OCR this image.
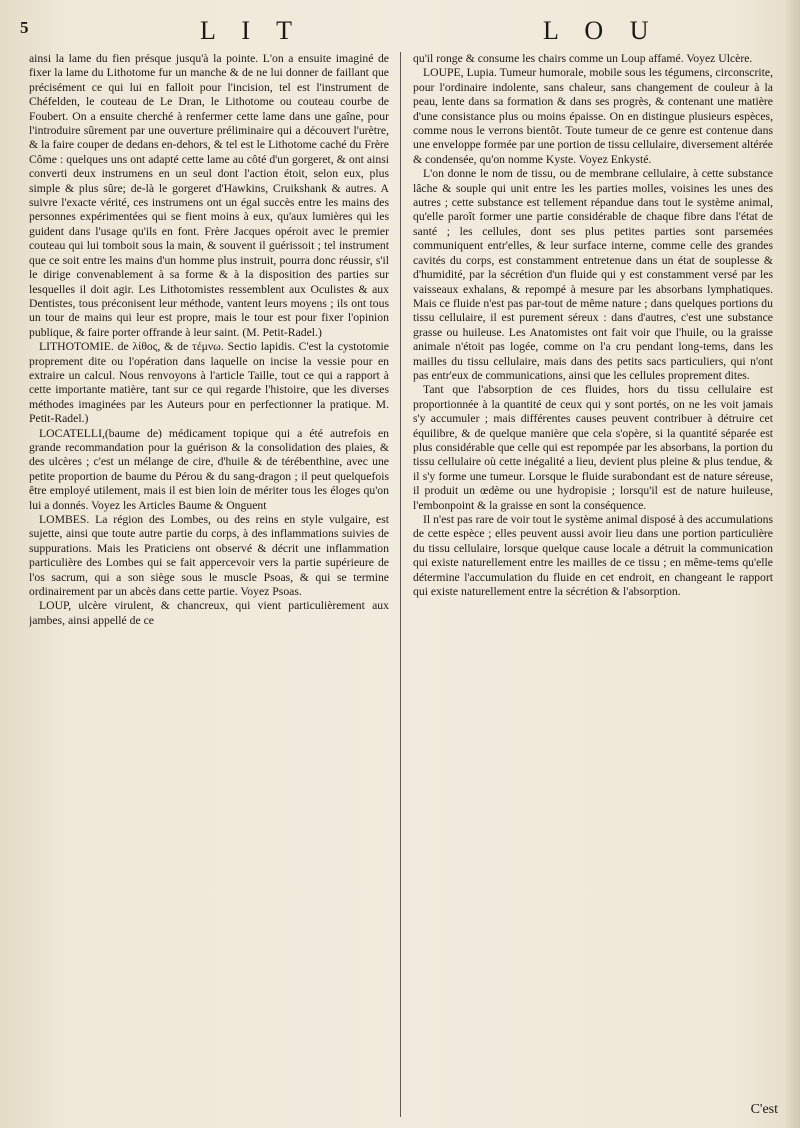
5	L I T	L O U

ainsi la lame du fien présque jusqu'à la pointe. L'on a ensuite imaginé de fixer la lame du Lithotome fur un manche & de ne lui donner de faillant que précisément ce qui lui en falloit pour l'incision, tel est l'instrument de Chéfelden, le couteau de Le Dran, le Lithotome ou couteau courbe de Foubert. On a ensuite cherché à renfermer cette lame dans une gaîne, pour l'introduire sûrement par une ouverture préliminaire qui a découvert l'urètre, & la faire couper de dedans en-dehors, & tel est le Lithotome caché du Frère Côme : quelques uns ont adapté cette lame au côté d'un gorgeret, & ont ainsi converti deux instrumens en un seul dont l'action étoit, selon eux, plus simple & plus sûre; de-là le gorgeret d'Hawkins, Cruikshank & autres. A suivre l'exacte vérité, ces instrumens ont un égal succès entre les mains des personnes expérimentées qui se fient moins à eux, qu'aux lumières qui les guident dans l'usage qu'ils en font. Frère Jacques opéroit avec le premier couteau qui lui tomboit sous la main, & souvent il guérissoit ; tel instrument que ce soit entre les mains d'un homme plus instruit, pourra donc réussir, s'il le dirige convenablement à sa forme & à la disposition des parties sur lesquelles il doit agir. Les Lithotomistes ressemblent aux Oculistes & aux Dentistes, tous préconisent leur méthode, vantent leurs moyens ; ils ont tous un tour de mains qui leur est propre, mais le tour est pour fixer l'opinion publique, & faire porter offrande à leur saint. (M. Petit-Radel.)

LITHOTOMIE. de λίθος, & de τέμνω. Sectio lapidis. C'est la cystotomie proprement dite ou l'opération dans laquelle on incise la vessie pour en extraire un calcul. Nous renvoyons à l'article Taille, tout ce qui a rapport à cette importante matière, tant sur ce qui regarde l'histoire, que les diverses méthodes imaginées par les Auteurs pour en perfectionner la pratique. M. Petit-Radel.)

LOCATELLI,(baume de) médicament topique qui a été autrefois en grande recommandation pour la guérison & la consolidation des plaies, & des ulcères ; c'est un mélange de cire, d'huile & de térébenthine, avec une petite proportion de baume du Pérou & du sang-dragon ; il peut quelquefois être employé utilement, mais il est bien loin de mériter tous les éloges qu'on lui a donnés. Voyez les Articles Baume & Onguent

LOMBES. La région des Lombes, ou des reins en style vulgaire, est sujette, ainsi que toute autre partie du corps, à des inflammations suivies de suppurations. Mais les Praticiens ont observé & décrit une inflammation particulière des Lombes qui se fait appercevoir vers la partie supérieure de l'os sacrum, qui a son siège sous le muscle Psoas, & qui se termine ordinairement par un abcès dans cette partie. Voyez Psoas.

LOUP, ulcère virulent, & chancreux, qui vient particulièrement aux jambes, ainsi appellé de ce

qu'il ronge & consume les chairs comme un Loup affamé. Voyez Ulcère.

LOUPE, Lupia. Tumeur humorale, mobile sous les tégumens, circonscrite, pour l'ordinaire indolente, sans chaleur, sans changement de couleur à la peau, lente dans sa formation & dans ses progrès, & contenant une matière d'une consistance plus ou moins épaisse. On en distingue plusieurs espèces, comme nous le verrons bientôt. Toute tumeur de ce genre est contenue dans une enveloppe formée par une portion de tissu cellulaire, diversement altérée & condensée, qu'on nomme Kyste. Voyez Enkysté.

L'on donne le nom de tissu, ou de membrane cellulaire, à cette substance lâche & souple qui unit entre les les parties molles, voisines les unes des autres ; cette substance est tellement répandue dans tout le système animal, qu'elle paroît former une partie considérable de chaque fibre dans l'état de santé ; les cellules, dont ses plus petites parties sont parsemées communiquent entr'elles, & leur surface interne, comme celle des grandes cavités du corps, est constamment entretenue dans un état de souplesse & d'humidité, par la sécrétion d'un fluide qui y est constamment versé par les vaisseaux exhalans, & repompé à mesure par les absorbans lymphatiques. Mais ce fluide n'est pas par-tout de même nature ; dans quelques portions du tissu cellulaire, il est purement séreux : dans d'autres, c'est une substance grasse ou huileuse. Les Anatomistes ont fait voir que l'huile, ou la graisse animale n'étoit pas logée, comme on l'a cru pendant long-tems, dans les mailles du tissu cellulaire, mais dans des petits sacs particuliers, qui n'ont pas entr'eux de communications, ainsi que les cellules proprement dites.

Tant que l'absorption de ces fluides, hors du tissu cellulaire est proportionnée à la quantité de ceux qui y sont portés, on ne les voit jamais s'y accumuler ; mais différentes causes peuvent contribuer à détruire cet équilibre, & de quelque manière que cela s'opère, si la quantité séparée est plus considérable que celle qui est repompée par les absorbans, la portion du tissu cellulaire où cette inégalité a lieu, devient plus pleine & plus tendue, & il s'y forme une tumeur. Lorsque le fluide surabondant est de nature séreuse, il produit un œdème ou une hydropisie ; lorsqu'il est de nature huileuse, l'embonpoint & la graisse en sont la conséquence.

Il n'est pas rare de voir tout le système animal disposé à des accumulations de cette espèce ; elles peuvent aussi avoir lieu dans une portion particulière du tissu cellulaire, lorsque quelque cause locale a détruit la communication qui existe naturellement entre les mailles de ce tissu ; en même-tems qu'elle détermine l'accumulation du fluide en cet endroit, en changeant le rapport qui existe naturellement entre la sécrétion & l'absorption.

C'est
